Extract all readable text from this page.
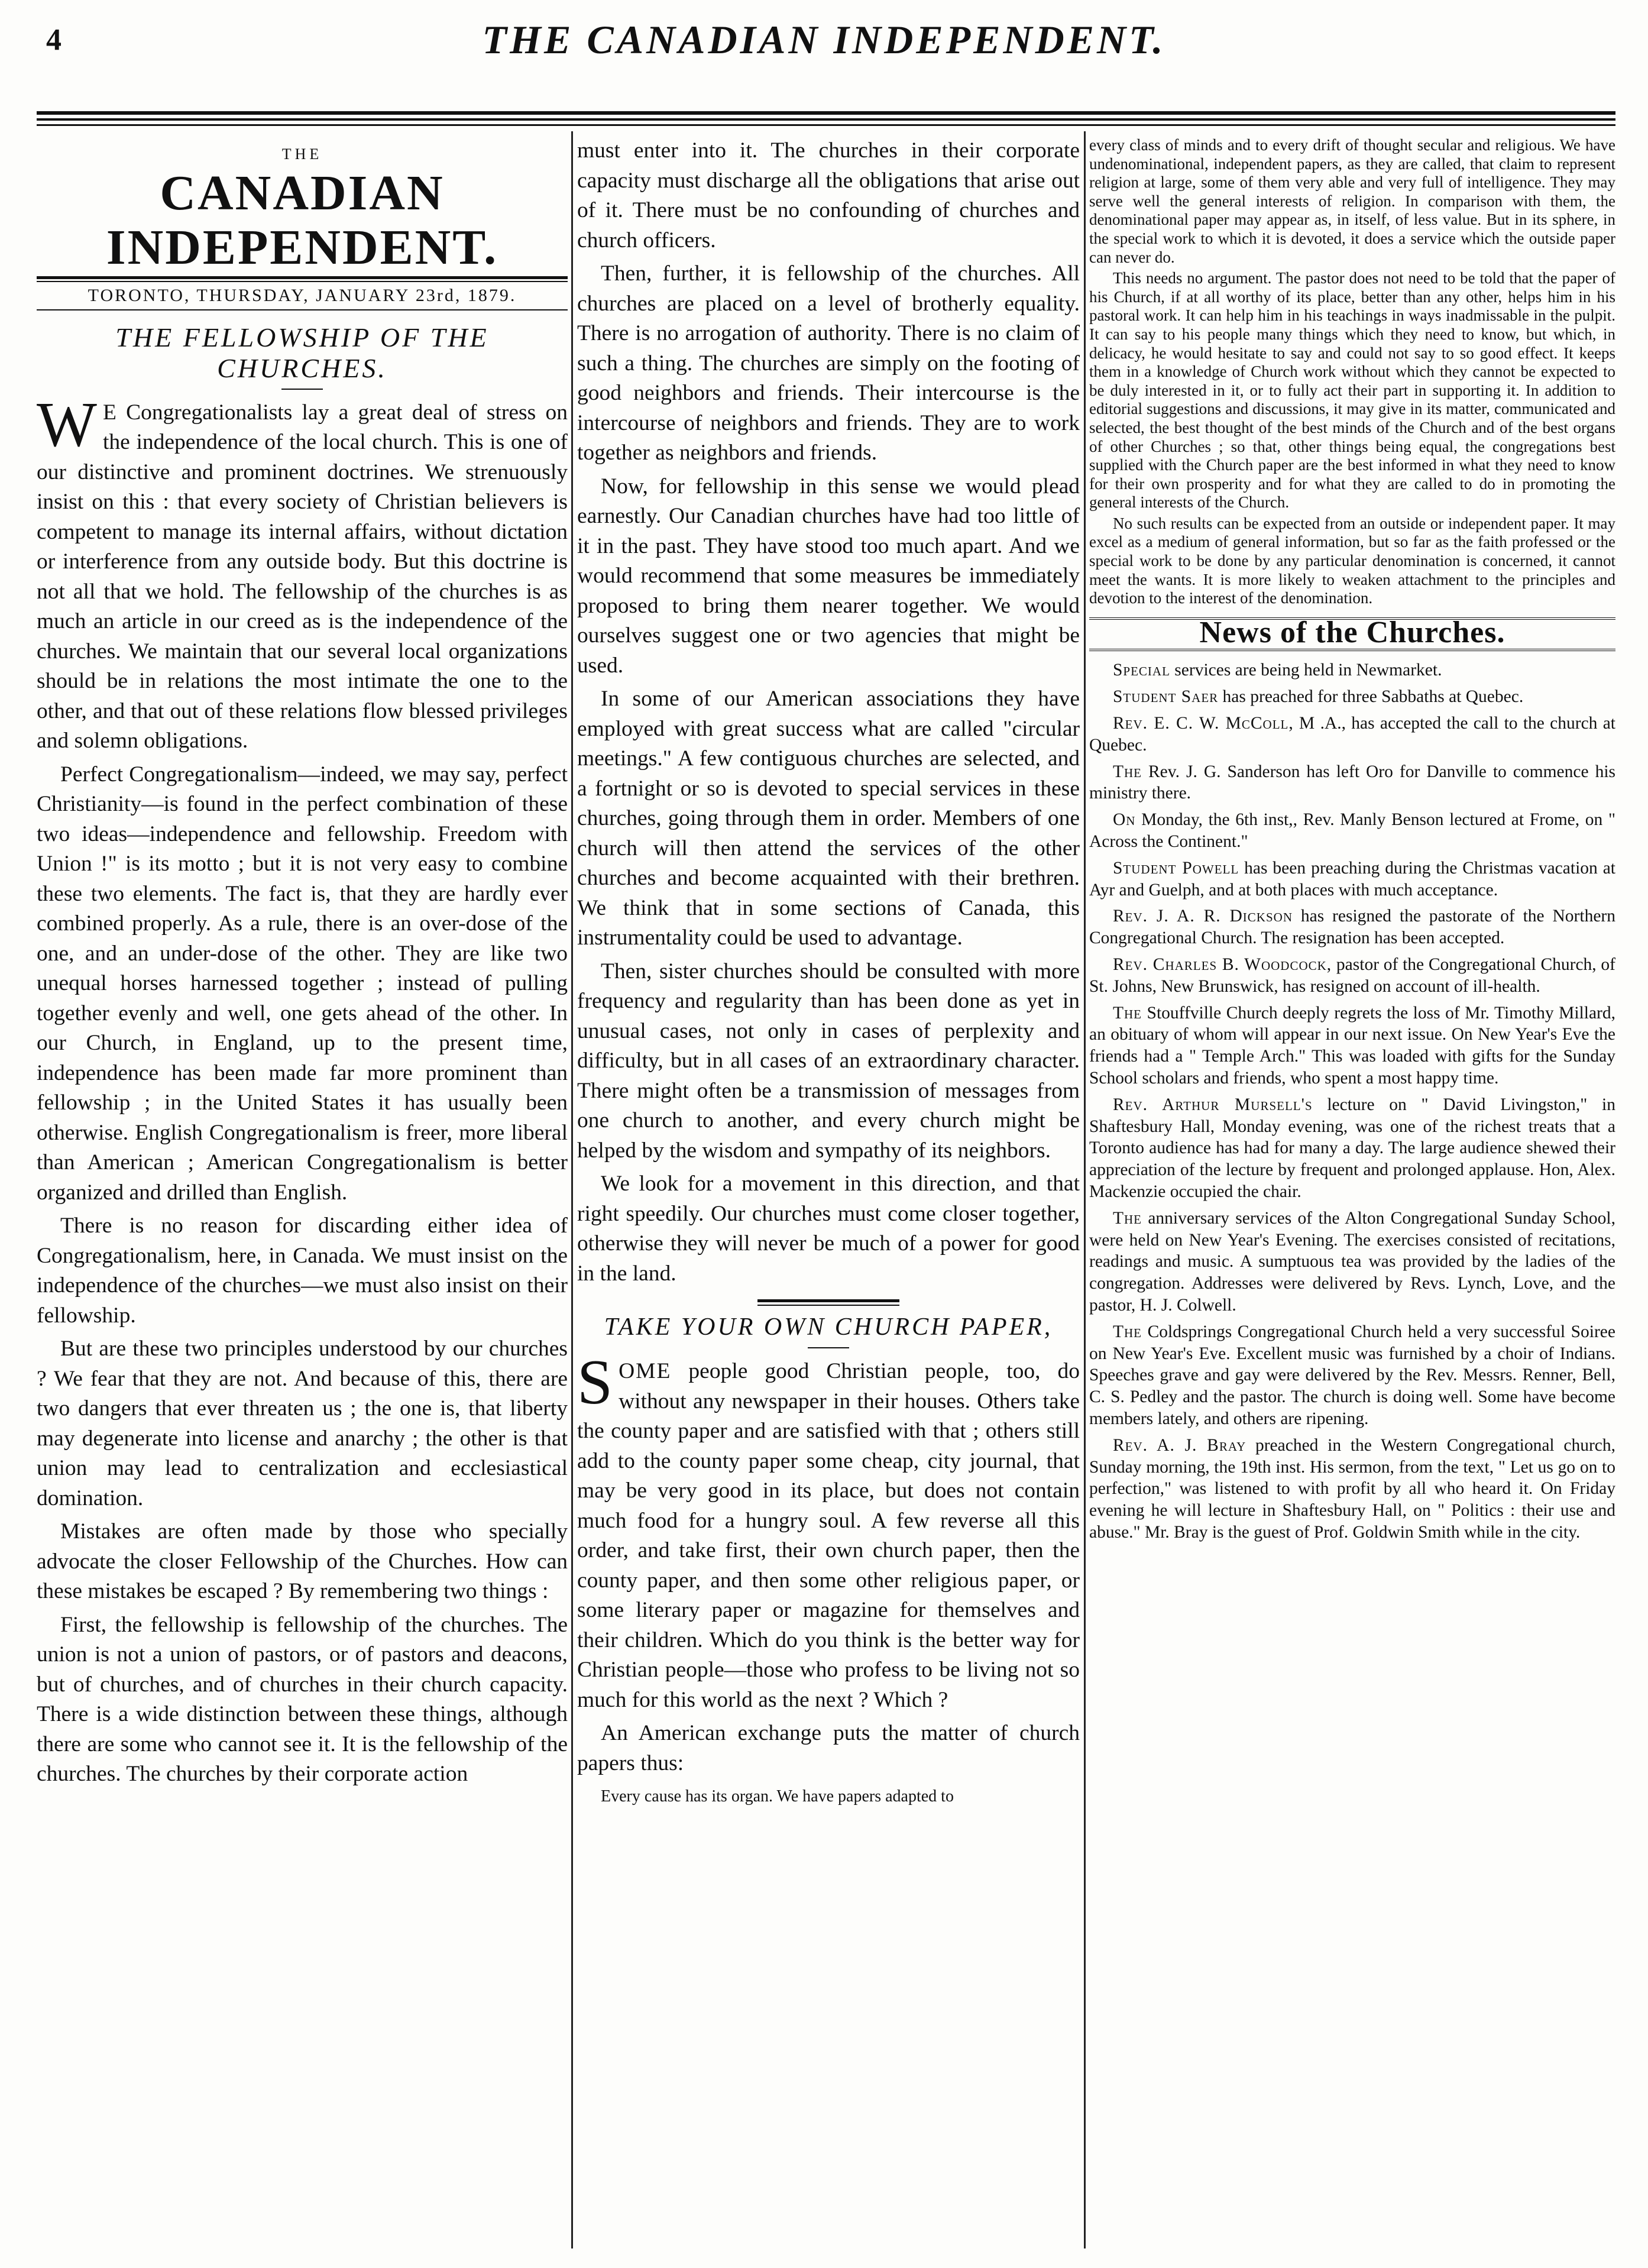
4	THE CANADIAN INDEPENDENT.
THE
CANADIAN INDEPENDENT.
TORONTO, THURSDAY, JANUARY 23rd, 1879.
THE FELLOWSHIP OF THE CHURCHES.

W E Congregationalists lay a great deal of stress on the independence of the local church. This is one of our distinctive and prominent doctrines. We strenuously insist on this : that every society of Christian believers is competent to manage its internal affairs, without dictation or interference from any outside body. But this doctrine is not all that we hold. The fellowship of the churches is as much an article in our creed as is the independence of the churches. We maintain that our several local organizations should be in relations the most intimate the one to the other, and that out of these relations flow blessed privileges and solemn obligations.

Perfect Congregationalism—indeed, we may say, perfect Christianity—is found in the perfect combination of these two ideas—independence and fellowship. Freedom with Union !" is its motto ; but it is not very easy to combine these two elements. The fact is, that they are hardly ever combined properly. As a rule, there is an over-dose of the one, and an under-dose of the other. They are like two unequal horses harnessed together ; instead of pulling together evenly and well, one gets ahead of the other. In our Church, in England, up to the present time, independence has been made far more prominent than fellowship ; in the United States it has usually been otherwise. English Congregationalism is freer, more liberal than American ; American Congregationalism is better organized and drilled than English.

There is no reason for discarding either idea of Congregationalism, here, in Canada. We must insist on the independence of the churches—we must also insist on their fellowship.

But are these two principles understood by our churches ? We fear that they are not. And because of this, there are two dangers that ever threaten us ; the one is, that liberty may degenerate into license and anarchy ; the other is that union may lead to centralization and ecclesiastical domination.

Mistakes are often made by those who specially advocate the closer Fellowship of the Churches. How can these mistakes be escaped ? By remembering two things :

First, the fellowship is fellowship of the churches. The union is not a union of pastors, or of pastors and deacons, but of churches, and of churches in their church capacity. There is a wide distinction between these things, although there are some who cannot see it. It is the fellowship of the churches. The churches by their corporate action

must enter into it. The churches in their corporate capacity must discharge all the obligations that arise out of it. There must be no confounding of churches and church officers.

Then, further, it is fellowship of the churches. All churches are placed on a level of brotherly equality. There is no arrogation of authority. There is no claim of such a thing. The churches are simply on the footing of good neighbors and friends. Their intercourse is the intercourse of neighbors and friends. They are to work together as neighbors and friends.

Now, for fellowship in this sense we would plead earnestly. Our Canadian churches have had too little of it in the past. They have stood too much apart. And we would recommend that some measures be immediately proposed to bring them nearer together. We would ourselves suggest one or two agencies that might be used.

In some of our American associations they have employed with great success what are called "circular meetings." A few contiguous churches are selected, and a fortnight or so is devoted to special services in these churches, going through them in order. Members of one church will then attend the services of the other churches and become acquainted with their brethren. We think that in some sections of Canada, this instrumentality could be used to advantage.

Then, sister churches should be consulted with more frequency and regularity than has been done as yet in unusual cases, not only in cases of perplexity and difficulty, but in all cases of an extraordinary character. There might often be a transmission of messages from one church to another, and every church might be helped by the wisdom and sympathy of its neighbors.

We look for a movement in this direction, and that right speedily. Our churches must come closer together, otherwise they will never be much of a power for good in the land.

TAKE YOUR OWN CHURCH PAPER,

SOME people good Christian people, too, do without any newspaper in their houses. Others take the county paper and are satisfied with that ; others still add to the county paper some cheap, city journal, that may be very good in its place, but does not contain much food for a hungry soul. A few reverse all this order, and take first, their own church paper, then the county paper, and then some other religious paper, or some literary paper or magazine for themselves and their children. Which do you think is the better way for Christian people—those who profess to be living not so much for this world as the next ? Which ?

An American exchange puts the matter of church papers thus:

Every cause has its organ. We have papers adapted to

every class of minds and to every drift of thought secular and religious. We have undenominational, independent papers, as they are called, that claim to represent religion at large, some of them very able and very full of intelligence. They may serve well the general interests of religion. In comparison with them, the denominational paper may appear as, in itself, of less value. But in its sphere, in the special work to which it is devoted, it does a service which the outside paper can never do.

This needs no argument. The pastor does not need to be told that the paper of his Church, if at all worthy of its place, better than any other, helps him in his pastoral work. It can help him in his teachings in ways inadmissable in the pulpit. It can say to his people many things which they need to know, but which, in delicacy, he would hesitate to say and could not say to so good effect. It keeps them in a knowledge of Church work without which they cannot be expected to be duly interested in it, or to fully act their part in supporting it. In addition to editorial suggestions and discussions, it may give in its matter, communicated and selected, the best thought of the best minds of the Church and of the best organs of other Churches ; so that, other things being equal, the congregations best supplied with the Church paper are the best informed in what they need to know for their own prosperity and for what they are called to do in promoting the general interests of the Church.

No such results can be expected from an outside or independent paper. It may excel as a medium of general information, but so far as the faith professed or the special work to be done by any particular denomination is concerned, it cannot meet the wants. It is more likely to weaken attachment to the principles and devotion to the interest of the denomination.

News of the Churches.

Special services are being held in Newmarket.

Student Saer has preached for three Sabbaths at Quebec.

Rev. E. C. W. McColl, M .A., has accepted the call to the church at Quebec.

The Rev. J. G. Sanderson has left Oro for Danville to commence his ministry there.

On Monday, the 6th inst,, Rev. Manly Benson lectured at Frome, on " Across the Continent."

Student Powell has been preaching during the Christmas vacation at Ayr and Guelph, and at both places with much acceptance.

Rev. J. A. R. Dickson has resigned the pastorate of the Northern Congregational Church. The resignation has been accepted.

Rev. Charles B. Woodcock, pastor of the Congregational Church, of St. Johns, New Brunswick, has resigned on account of ill-health.

The Stouffville Church deeply regrets the loss of Mr. Timothy Millard, an obituary of whom will appear in our next issue. On New Year's Eve the friends had a " Temple Arch." This was loaded with gifts for the Sunday School scholars and friends, who spent a most happy time.

Rev. Arthur Mursell's lecture on " David Livingston," in Shaftesbury Hall, Monday evening, was one of the richest treats that a Toronto audience has had for many a day. The large audience shewed their appreciation of the lecture by frequent and prolonged applause. Hon, Alex. Mackenzie occupied the chair.

The anniversary services of the Alton Congregational Sunday School, were held on New Year's Evening. The exercises consisted of recitations, readings and music. A sumptuous tea was provided by the ladies of the congregation. Addresses were delivered by Revs. Lynch, Love, and the pastor, H. J. Colwell.

The Coldsprings Congregational Church held a very successful Soiree on New Year's Eve. Excellent music was furnished by a choir of Indians. Speeches grave and gay were delivered by the Rev. Messrs. Renner, Bell, C. S. Pedley and the pastor. The church is doing well. Some have become members lately, and others are ripening.

Rev. A. J. Bray preached in the Western Congregational church, Sunday morning, the 19th inst. His sermon, from the text, " Let us go on to perfection," was listened to with profit by all who heard it. On Friday evening he will lecture in Shaftesbury Hall, on " Politics : their use and abuse." Mr. Bray is the guest of Prof. Goldwin Smith while in the city.
